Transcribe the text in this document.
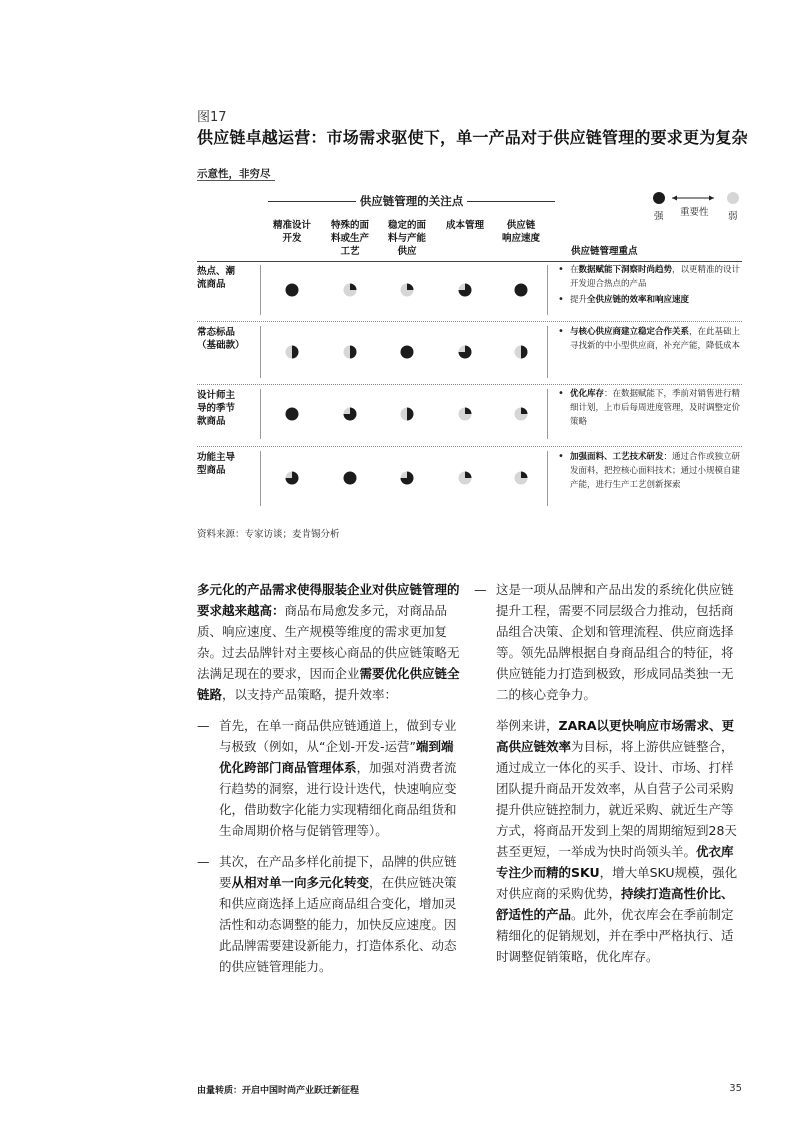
图17
供应链卓越运营：市场需求驱使下，单一产品对于供应链管理的要求更为复杂
示意性，非穷尽
供应链管理的关注点
强 重要性 弱
精准设计
开发
特殊的面
料或生产
工艺
稳定的面
料与产能
供应
成本管理	供应链
响应速度
供应链管理重点
热点、潮
流商品
常态标品
（基础款）
设计师主
导的季节
款商品
功能主导
型商品
• 在数据赋能下洞察时尚趋势，以更精准的设计开发迎合热点的产品
• 提升全供应链的效率和响应速度
• 与核心供应商建立稳定合作关系，在此基础上寻找新的中小型供应商，补充产能，降低成本
• 优化库存：在数据赋能下，季前对销售进行精细计划，上市后每周进度管理，及时调整定价策略
• 加强面料、工艺技术研发：通过合作或独立研发面料，把控核心面料技术；通过小规模自建产能，进行生产工艺创新探索
资料来源：专家访谈；麦肯锡分析
多元化的产品需求使得服装企业对供应链管理的要求越来越高：商品布局愈发多元，对商品品质、响应速度、生产规模等维度的需求更加复杂。过去品牌针对主要核心商品的供应链策略无法满足现在的要求，因而企业需要优化供应链全链路，以支持产品策略，提升效率：
— 首先，在单一商品供应链通道上，做到专业与极致（例如，从“企划-开发-运营”端到端优化跨部门商品管理体系，加强对消费者流行趋势的洞察，进行设计迭代，快速响应变化，借助数字化能力实现精细化商品组货和生命周期价格与促销管理等）。
— 其次，在产品多样化前提下，品牌的供应链要从相对单一向多元化转变，在供应链决策和供应商选择上适应商品组合变化，增加灵活性和动态调整的能力，加快反应速度。因此品牌需要建设新能力，打造体系化、动态的供应链管理能力。
— 这是一项从品牌和产品出发的系统化供应链提升工程，需要不同层级合力推动，包括商品组合决策、企划和管理流程、供应商选择等。领先品牌根据自身商品组合的特征，将供应链能力打造到极致，形成同品类独一无二的核心竞争力。
举例来讲，ZARA以更快响应市场需求、更高供应链效率为目标，将上游供应链整合，通过成立一体化的买手、设计、市场、打样团队提升商品开发效率，从自营子公司采购提升供应链控制力，就近采购、就近生产等方式，将商品开发到上架的周期缩短到28天甚至更短，一举成为快时尚领头羊。优衣库专注少而精的SKU，增大单SKU规模，强化对供应商的采购优势，持续打造高性价比、舒适性的产品。此外，优衣库会在季前制定精细化的促销规划，并在季中严格执行、适时调整促销策略，优化库存。
由量转质：开启中国时尚产业跃迁新征程	35
